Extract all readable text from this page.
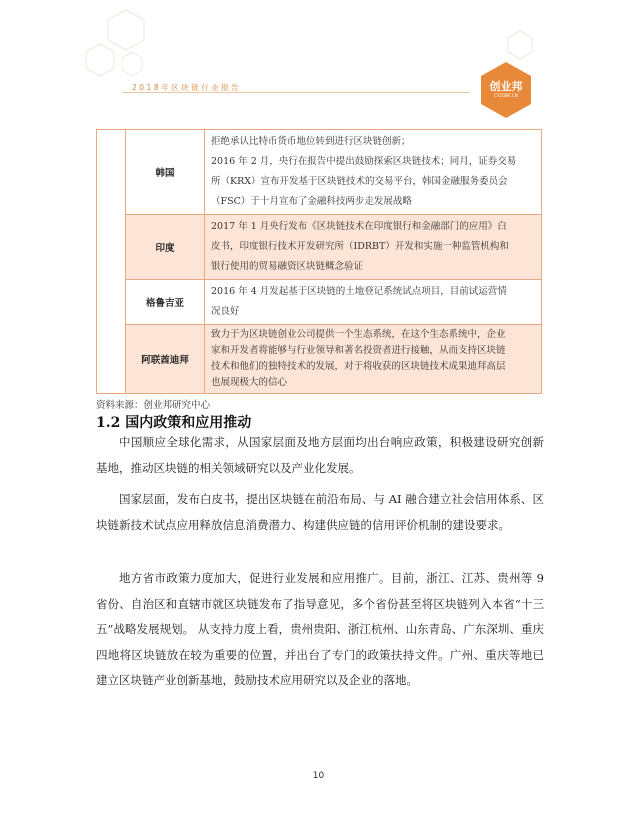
2018年区块链行业报告	创业邦
CYZONE.CN
	韩国	拒绝承认比特币货币地位转到进行区块链创新；
2016 年 2 月，央行在报告中提出鼓励探索区块链技术；同月，证券交易
所（KRX）宣布开发基于区块链技术的交易平台，韩国金融服务委员会
（FSC）于十月宣布了金融科技两步走发展战略

	印度	2017 年 1 月央行发布《区块链技术在印度银行和金融部门的应用》白
皮书，印度银行技术开发研究所（IDRBT）开发和实施一种监管机构和
银行使用的贸易融资区块链概念验证

	格鲁吉亚	2016 年 4 月发起基于区块链的土地登记系统试点项目，目前试运营情
况良好

	阿联酋迪拜	致力于为区块链创业公司提供一个生态系统，在这个生态系统中，企业
家和开发者将能够与行业领导和著名投资者进行接触，从而支持区块链
技术和他们的独特技术的发展，对于将收获的区块链技术成果迪拜高层
也展现极大的信心
资料来源：创业邦研究中心
1.2 国内政策和应用推动

中国顺应全球化需求，从国家层面及地方层面均出台响应政策，积极建设研究创新基地，推动区块链的相关领域研究以及产业化发展。

国家层面，发布白皮书，提出区块链在前沿布局、与 AI 融合建立社会信用体系、区块链新技术试点应用释放信息消费潜力、构建供应链的信用评价机制的建设要求。

地方省市政策力度加大，促进行业发展和应用推广。目前，浙江、江苏、贵州等 9 省份、自治区和直辖市就区块链发布了指导意见，多个省份甚至将区块链列入本省“十三五”战略发展规划。 从支持力度上看，贵州贵阳、浙江杭州、山东青岛、广东深圳、重庆四地将区块链放在较为重要的位置，并出台了专门的政策扶持文件。广州、重庆等地已建立区块链产业创新基地，鼓励技术应用研究以及企业的落地。

10
